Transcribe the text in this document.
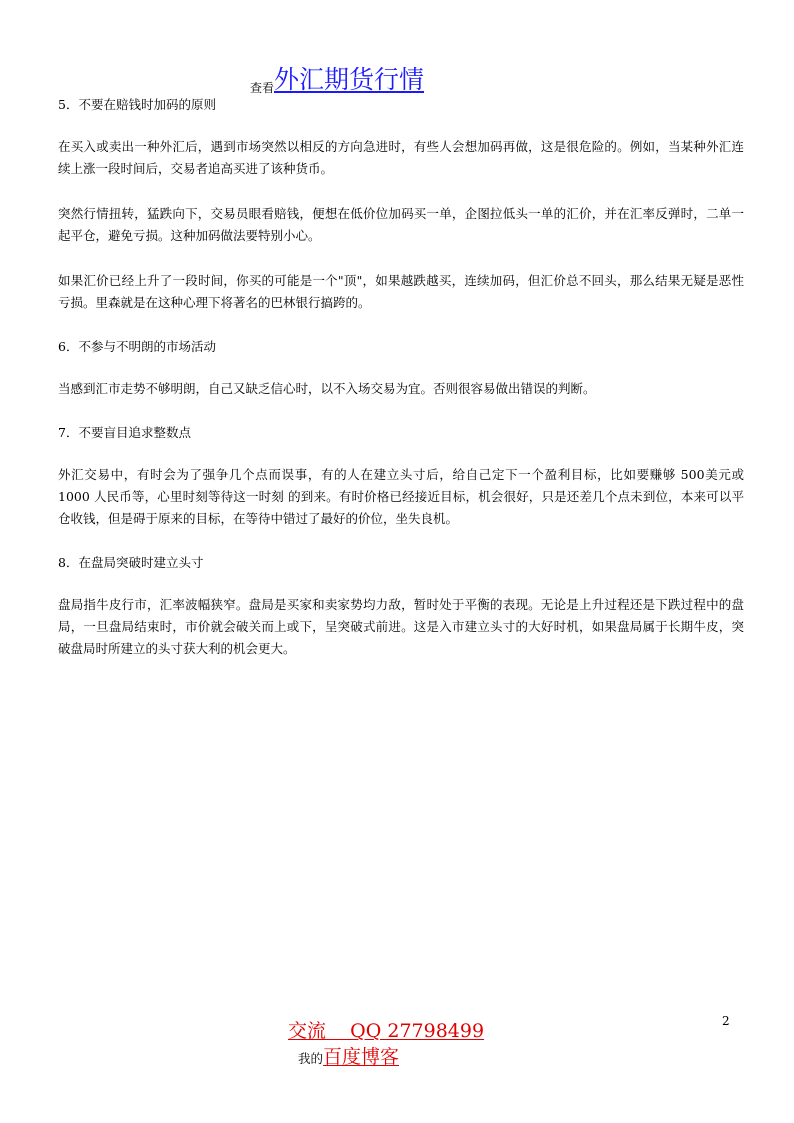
查看外汇期货行情

5．不要在赔钱时加码的原则

在买入或卖出一种外汇后，遇到市场突然以相反的方向急进时，有些人会想加码再做，这是很危险的。例如，当某种外汇连续上涨一段时间后，交易者追高买进了该种货币。

突然行情扭转，猛跌向下，交易员眼看赔钱，便想在低价位加码买一单，企图拉低头一单的汇价，并在汇率反弹时，二单一起平仓，避免亏损。这种加码做法要特别小心。

如果汇价已经上升了一段时间，你买的可能是一个"顶"，如果越跌越买，连续加码，但汇价总不回头，那么结果无疑是恶性亏损。里森就是在这种心理下将著名的巴林银行搞跨的。

6．不参与不明朗的市场活动

当感到汇市走势不够明朗，自己又缺乏信心时，以不入场交易为宜。否则很容易做出错误的判断。

7．不要盲目追求整数点

外汇交易中，有时会为了强争几个点而误事，有的人在建立头寸后，给自己定下一个盈利目标，比如要赚够 500美元或 1000 人民币等，心里时刻等待这一时刻 的到来。有时价格已经接近目标，机会很好，只是还差几个点未到位，本来可以平仓收钱，但是碍于原来的目标，在等待中错过了最好的价位，坐失良机。

8．在盘局突破时建立头寸

盘局指牛皮行市，汇率波幅狭窄。盘局是买家和卖家势均力敌，暂时处于平衡的表现。无论是上升过程还是下跌过程中的盘局，一旦盘局结束时，市价就会破关而上或下，呈突破式前进。这是入市建立头寸的大好时机，如果盘局属于长期牛皮，突破盘局时所建立的头寸获大利的机会更大。

2
交流    QQ 27798499
我的百度博客
